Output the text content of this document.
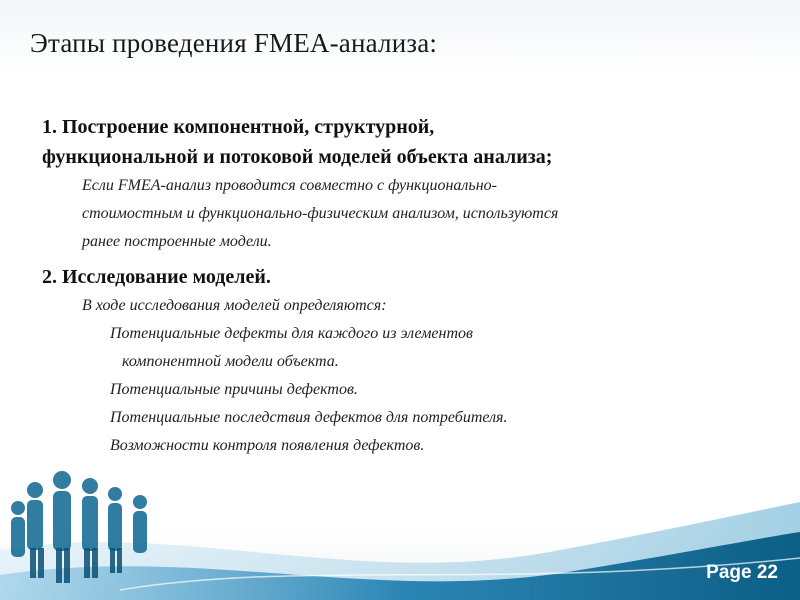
Этапы проведения FMEA-анализа:
1. Построение компонентной, структурной,
функциональной и потоковой моделей объекта анализа;
Если FMEA-анализ проводится совместно с функционально-
стоимостным и функционально-физическим анализом, используются
ранее построенные модели.
2. Исследование моделей.
В ходе исследования моделей определяются:
Потенциальные дефекты для каждого из элементов
компонентной модели объекта.
Потенциальные причины дефектов.
Потенциальные последствия дефектов для потребителя.
Возможности контроля появления дефектов.
Page 22
